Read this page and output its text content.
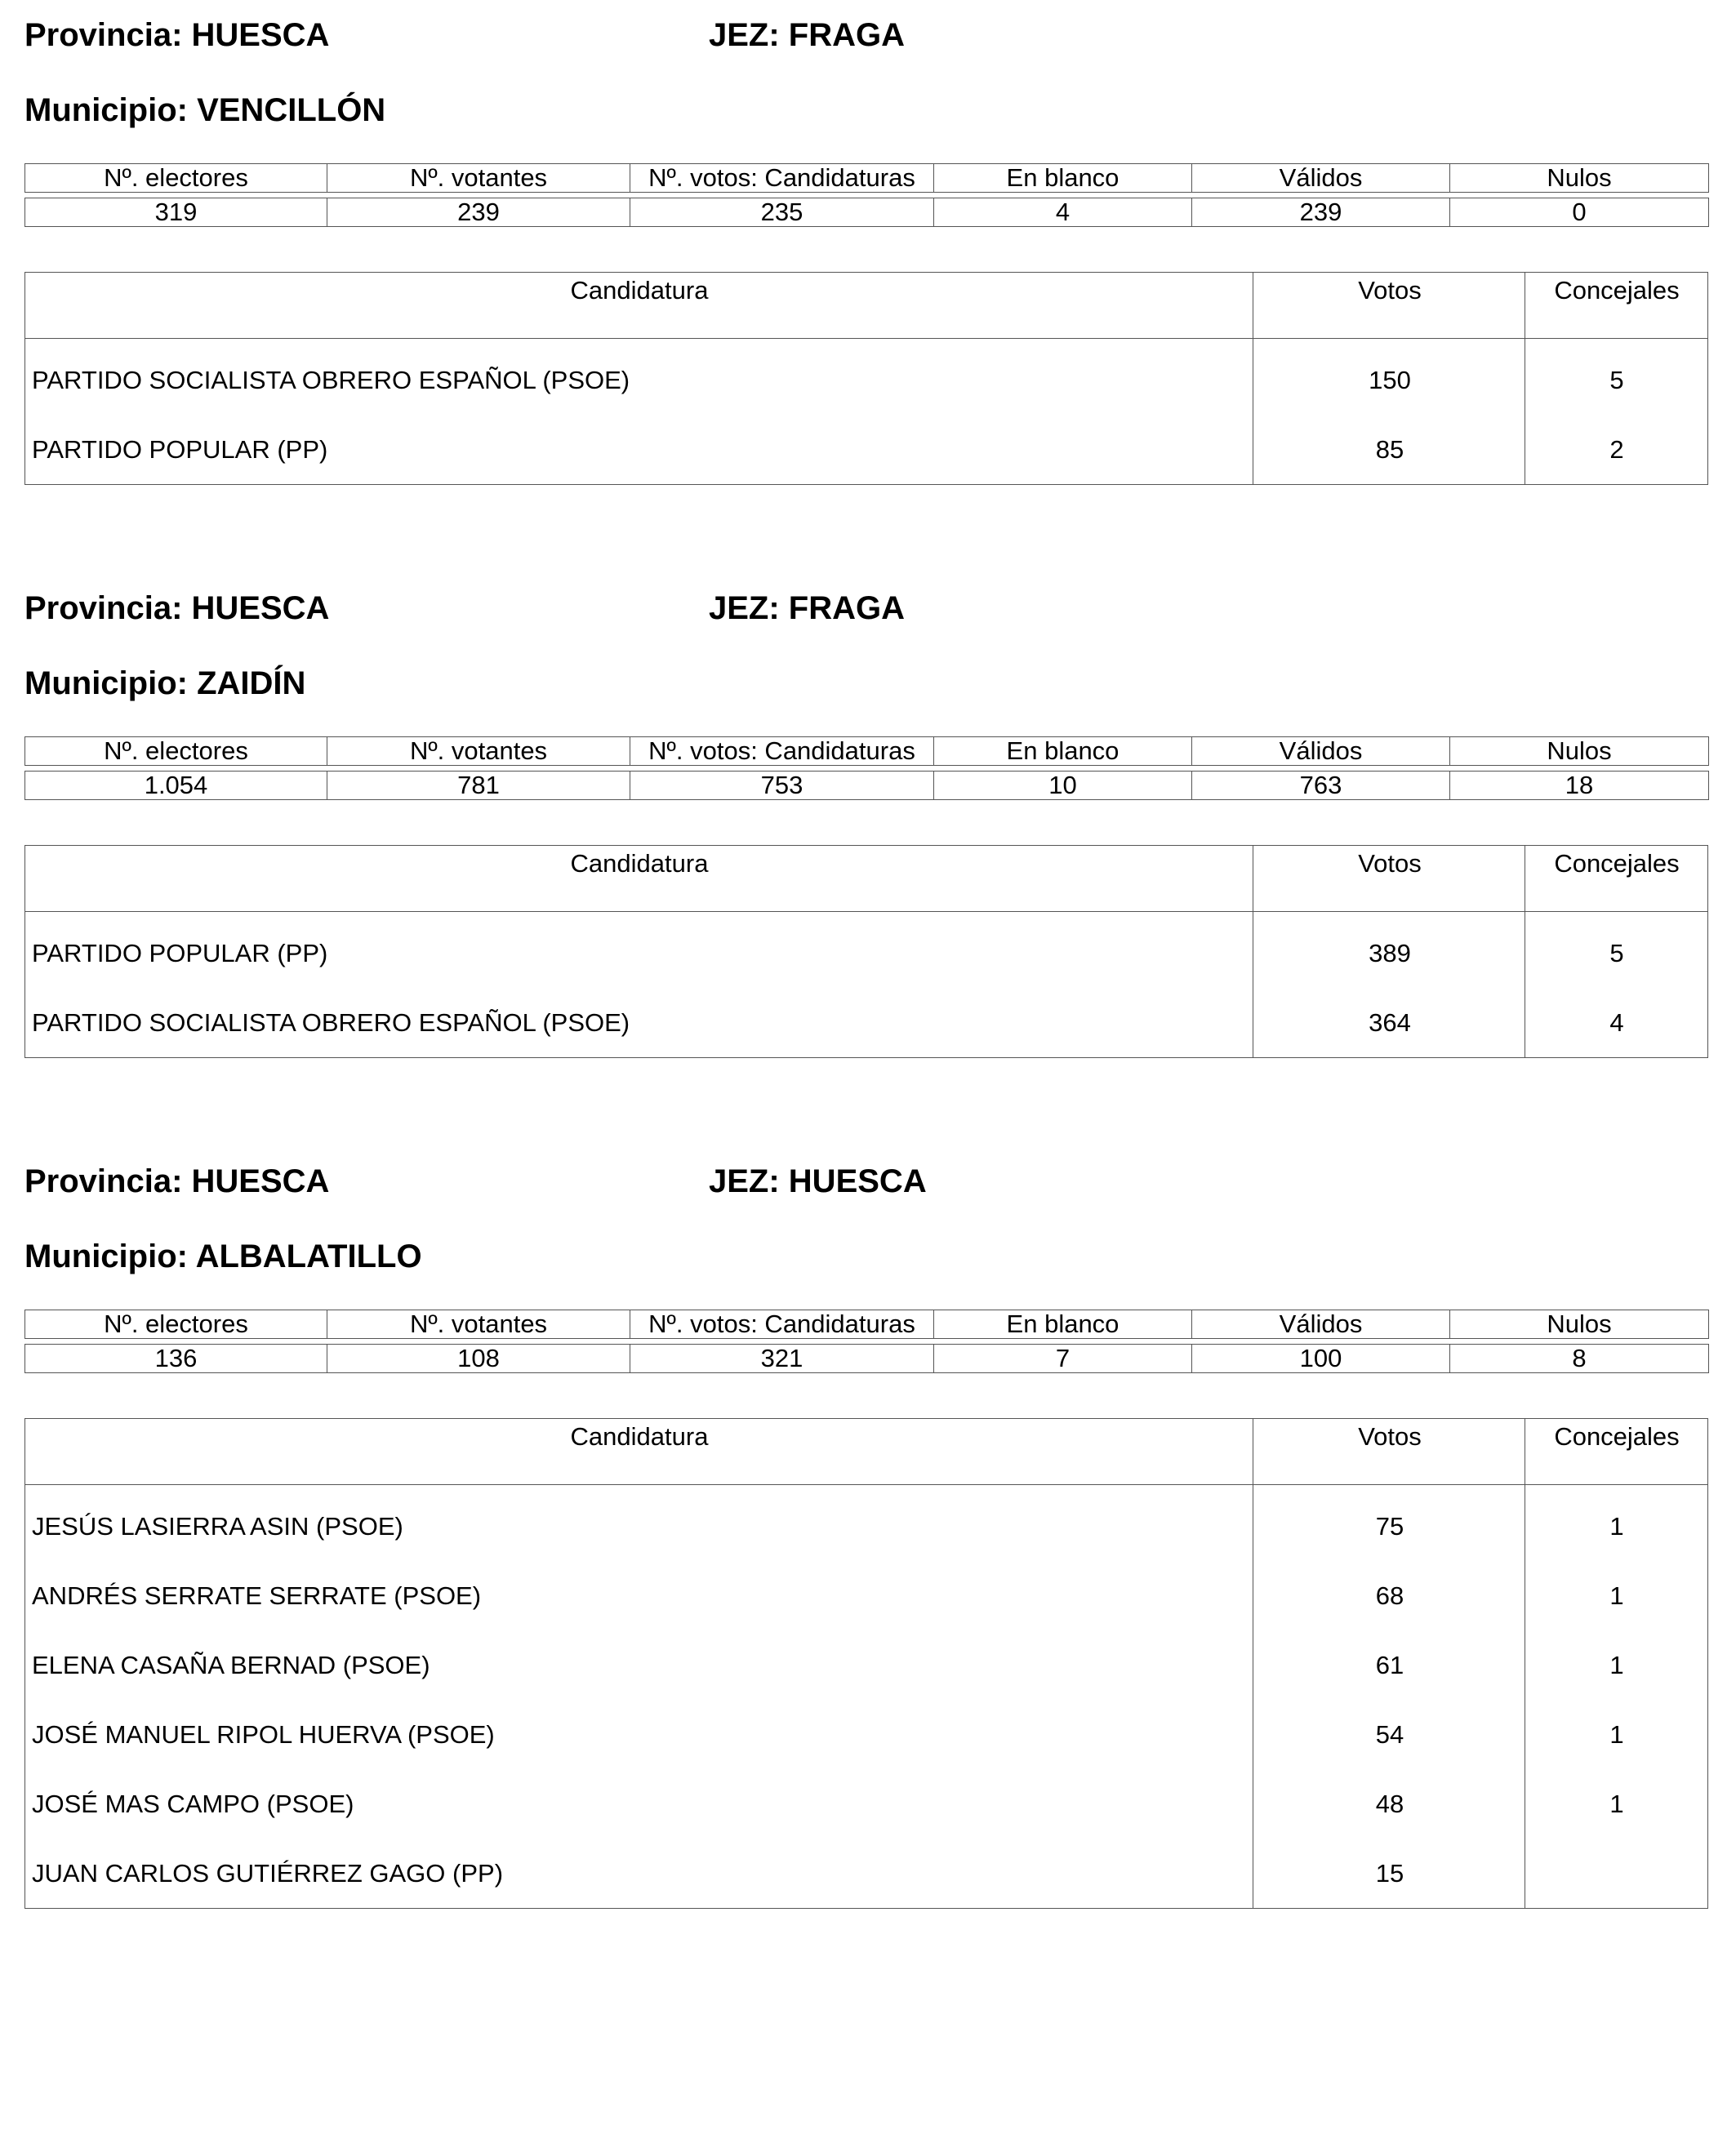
Provincia: HUESCA	JEZ: FRAGA
Municipio: VENCILLÓN
Nº. electores	Nº. votantes	Nº. votos: Candidaturas	En blanco	Válidos	Nulos

319	239	235	4	239	0
Candidatura	Votos	Concejales
PARTIDO SOCIALISTA OBRERO ESPAÑOL (PSOE)	150	5
PARTIDO POPULAR (PP)	85	2
Provincia: HUESCA	JEZ: FRAGA
Municipio: ZAIDÍN
Nº. electores	Nº. votantes	Nº. votos: Candidaturas	En blanco	Válidos	Nulos

1.054	781	753	10	763	18
Candidatura	Votos	Concejales
PARTIDO POPULAR (PP)	389	5
PARTIDO SOCIALISTA OBRERO ESPAÑOL (PSOE)	364	4
Provincia: HUESCA	JEZ: HUESCA
Municipio: ALBALATILLO
Nº. electores	Nº. votantes	Nº. votos: Candidaturas	En blanco	Válidos	Nulos

136	108	321	7	100	8
Candidatura	Votos	Concejales
JESÚS LASIERRA ASIN (PSOE)	75	1
ANDRÉS SERRATE SERRATE (PSOE)	68	1
ELENA CASAÑA BERNAD (PSOE)	61	1
JOSÉ MANUEL RIPOL HUERVA (PSOE)	54	1
JOSÉ MAS CAMPO (PSOE)	48	1
JUAN CARLOS GUTIÉRREZ GAGO (PP)	15
